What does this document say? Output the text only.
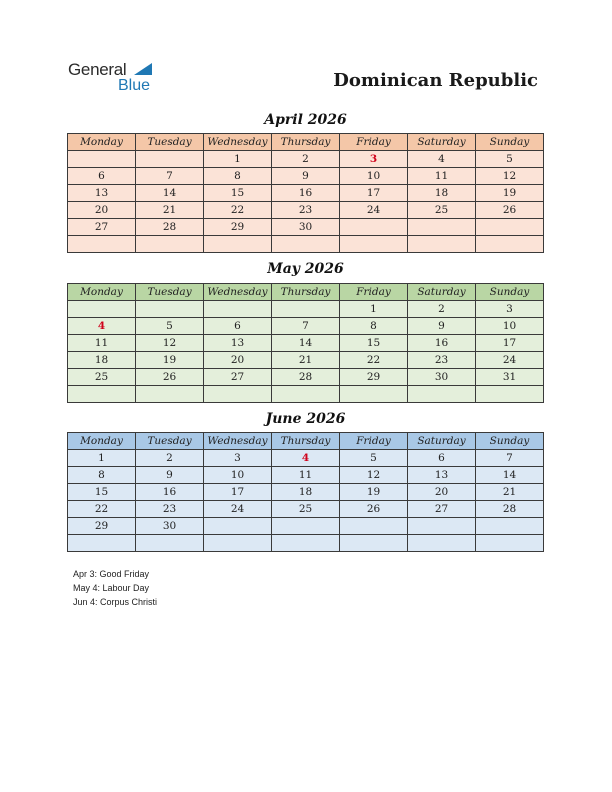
General
Blue	Dominican Republic
April 2026
Monday	Tuesday	Wednesday	Thursday	Friday	Saturday	Sunday
		1	2	3	4	5
6	7	8	9	10	11	12
13	14	15	16	17	18	19
20	21	22	23	24	25	26
27	28	29	30			

May 2026
Monday	Tuesday	Wednesday	Thursday	Friday	Saturday	Sunday
				1	2	3
4	5	6	7	8	9	10
11	12	13	14	15	16	17
18	19	20	21	22	23	24
25	26	27	28	29	30	31

June 2026
Monday	Tuesday	Wednesday	Thursday	Friday	Saturday	Sunday
1	2	3	4	5	6	7
8	9	10	11	12	13	14
15	16	17	18	19	20	21
22	23	24	25	26	27	28
29	30					

Apr 3: Good Friday
May 4: Labour Day
Jun 4: Corpus Christi
